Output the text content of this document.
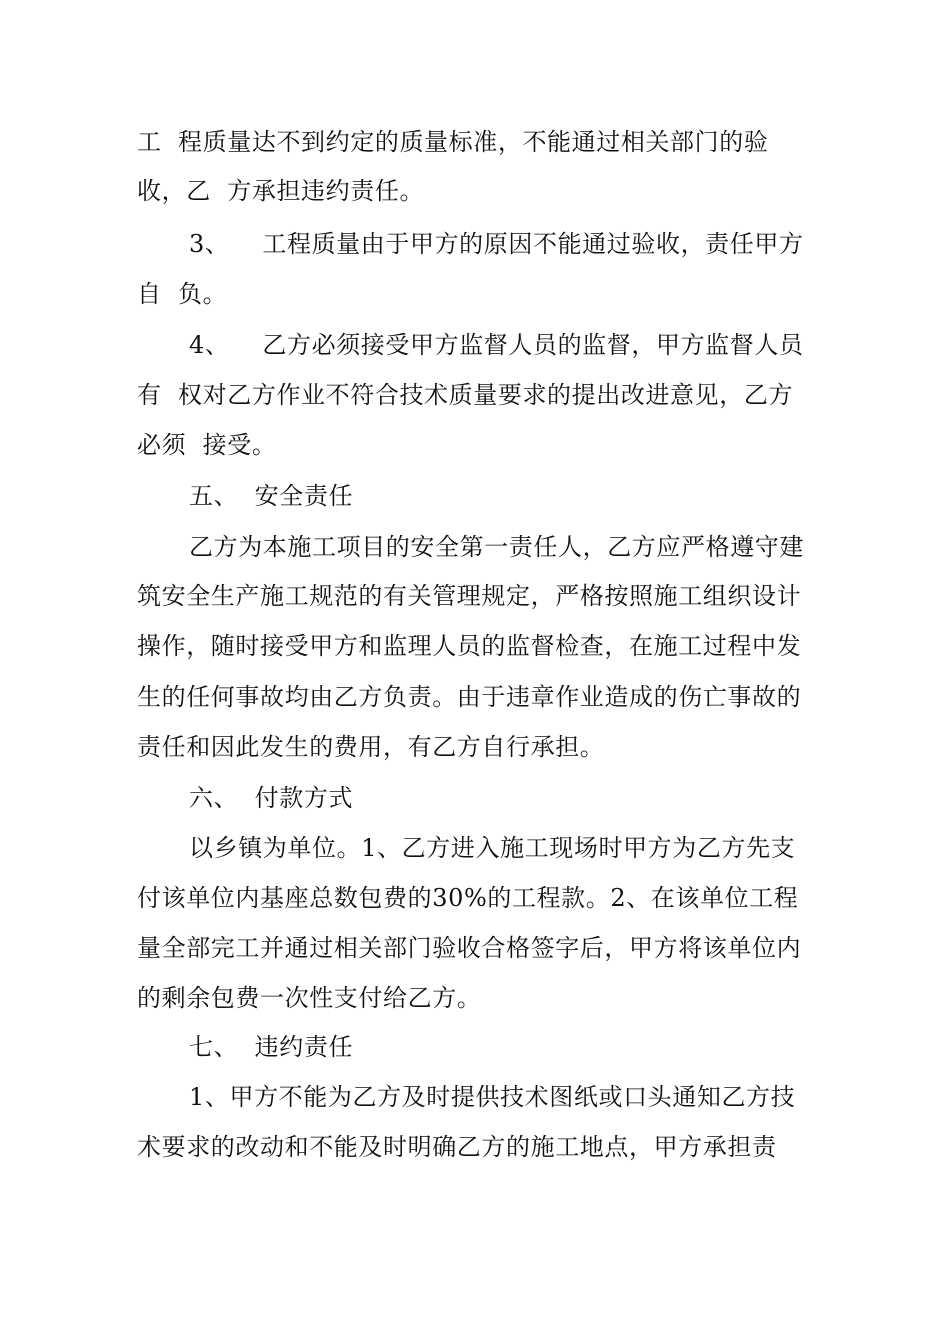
工  程质量达不到约定的质量标准，不能通过相关部门的验
收，乙  方承担违约责任。
3、    工程质量由于甲方的原因不能通过验收，责任甲方
自  负。
4、    乙方必须接受甲方监督人员的监督，甲方监督人员
有  权对乙方作业不符合技术质量要求的提出改进意见，乙方
必须  接受。
五、  安全责任
乙方为本施工项目的安全第一责任人，乙方应严格遵守建
筑安全生产施工规范的有关管理规定，严格按照施工组织设计
操作，随时接受甲方和监理人员的监督检查，在施工过程中发
生的任何事故均由乙方负责。由于违章作业造成的伤亡事故的
责任和因此发生的费用，有乙方自行承担。
六、  付款方式
以乡镇为单位。1、乙方进入施工现场时甲方为乙方先支
付该单位内基座总数包费的30%的工程款。2、在该单位工程
量全部完工并通过相关部门验收合格签字后，甲方将该单位内
的剩余包费一次性支付给乙方。
七、  违约责任
1、甲方不能为乙方及时提供技术图纸或口头通知乙方技
术要求的改动和不能及时明确乙方的施工地点，甲方承担责
